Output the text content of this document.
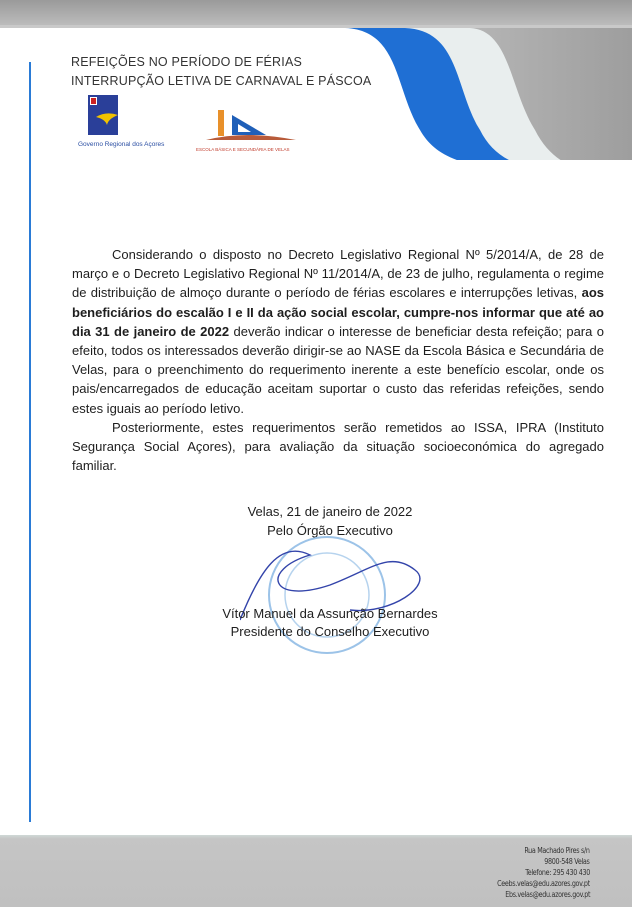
REFEIÇÕES NO PERÍODO DE FÉRIAS
INTERRUPÇÃO LETIVA DE CARNAVAL E PÁSCOA
Governo Regional dos Açores
ESCOLA BÁSICA E SECUNDÁRIA DE VELAS

Considerando o disposto no Decreto Legislativo Regional Nº 5/2014/A, de 28 de março e o Decreto Legislativo Regional Nº 11/2014/A, de 23 de julho, regulamenta o regime de distribuição de almoço durante o período de férias escolares e interrupções letivas, aos beneficiários do escalão I e II da ação social escolar, cumpre-nos informar que até ao dia 31 de janeiro de 2022 deverão indicar o interesse de beneficiar desta refeição; para o efeito, todos os interessados deverão dirigir-se ao NASE da Escola Básica e Secundária de Velas, para o preenchimento do requerimento inerente a este benefício escolar, onde os pais/encarregados de educação aceitam suportar o custo das referidas refeições, sendo estes iguais ao período letivo.

Posteriormente, estes requerimentos serão remetidos ao ISSA, IPRA (Instituto Segurança Social Açores), para avaliação da situação socioeconómica do agregado familiar.

Velas, 21 de janeiro de 2022
Pelo Órgão Executivo
Vítor Manuel da Assunção Bernardes
Presidente do Conselho Executivo
Rua Machado Pires s/n
9800-548 Velas
Telefone: 295 430 430
Ceebs.velas@edu.azores.gov.pt
Ebs.velas@edu.azores.gov.pt
